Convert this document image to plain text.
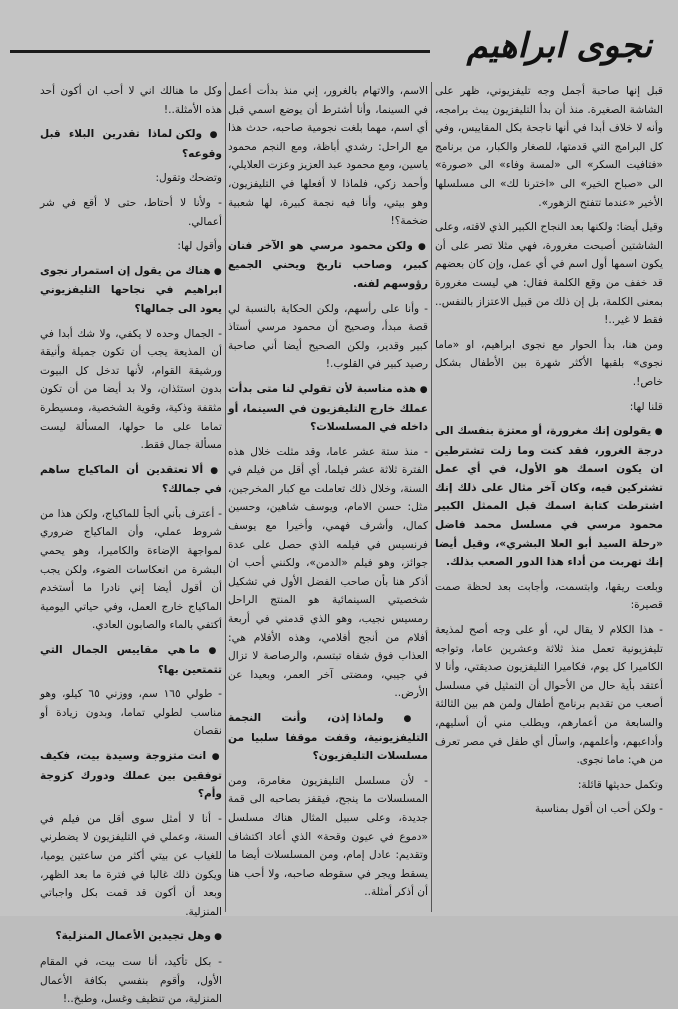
نجوى ابراهيم

قبل إنها صاحبة أجمل وجه تليفزيوني، ظهر على الشاشة الصغيرة. منذ أن بدأ التليفزيون يبث برامجه، وأنه لا خلاف أبدا في أنها ناجحة بكل المقاييس، وفي كل البرامج التي قدمتها، للصغار والكبار، من برنامج «فتافيت السكر» الى «لمسة وفاء» الى «صورة» الى «صباح الخير» الى «اخترنا لك» الى مسلسلها الأخير «عندما تتفتح الزهور».

وقيل أيضا: ولكنها بعد النجاح الكبير الذي لاقته، وعلى الشاشتين أصبحت مغرورة، فهي مثلا تصر على أن يكون اسمها أول اسم في أي عمل، وإن كان بعضهم قد خفف من وقع الكلمة فقال: هي ليست مغرورة بمعنى الكلمة، بل إن ذلك من قبيل الاعتزاز بالنفس.. فقط لا غير..!

ومن هنا، بدأ الحوار مع نجوى ابراهيم، او «ماما نجوى» بلقبها الأكثر شهرة بين الأطفال بشكل خاص!.

قلنا لها:

● يقولون إنك مغرورة، أو معتزة بنفسك الى درجة الغرور، فقد كنت وما زلت تشترطين ان يكون اسمك هو الأول، في أي عمل تشتركين فيه، وكان آخر مثال على ذلك إنك اشترطت كتابة اسمك قبل الممثل الكبير محمود مرسي في مسلسل محمد فاضل «رحلة السيد أبو العلا البشري»، وقيل أيضا إنك تهربت من أداء هذا الدور الصعب بذلك.

وبلعت ريقها، وابتسمت، وأجابت بعد لحظة صمت قصيرة:

- هذا الكلام لا يقال لي، أو على وجه أصح لمذيعة تليفزيونية تعمل منذ ثلاثة وعشرين عاما، وتواجه الكاميرا كل يوم، فكاميرا التليفزيون صديقتي، وأنا لا أعتقد بأية حال من الأحوال أن التمثيل في مسلسل أصعب من تقديم برنامج أطفال ولمن هم بين الثالثة والسابعة من أعمارهم، ويطلب مني أن أسليهم، وأداعبهم، وأعلمهم، واسأل أي طفل في مصر تعرف من هي: ماما نجوى.

وتكمل حديثها قائلة:

- ولكن أحب ان أقول بمناسبة

الاسم، والاتهام بالغرور، إني منذ بدأت أعمل في السينما، وأنا أشترط أن يوضع اسمي قبل أي اسم، مهما بلغت نجومية صاحبه، حدث هذا مع الراحل: رشدي أباظة، ومع النجم محمود ياسين، ومع محمود عبد العزيز وعزت العلايلي، وأحمد زكي، فلماذا لا أفعلها في التليفزيون، وهو بيتي، وأنا فيه نجمة كبيرة، لها شعبية ضخمة؟!

● ولكن محمود مرسي هو الآخر فنان كبير، وصاحب تاريخ ويحني الجميع رؤوسهم لفنه.

- وأنا على رأسهم، ولكن الحكاية بالنسبة لي قصة مبدأ، وصحيح أن محمود مرسي أستاذ كبير وقدير، ولكن الصحيح أيضا أني صاحبة رصيد كبير في القلوب.!

● هذه مناسبة لأن تقولي لنا متى بدأت عملك خارج التليفزيون في السينما، أو داخله في المسلسلات؟

- منذ ستة عشر عاما، وقد مثلت خلال هذه الفترة ثلاثة عشر فيلما، أي أقل من فيلم في السنة، وخلال ذلك تعاملت مع كبار المخرجين، مثل: حسن الامام، ويوسف شاهين، وحسين كمال، وأشرف فهمي، وأخيرا مع يوسف فرنسيس في فيلمه الذي حصل على عدة جوائز، وهو فيلم «الدمن»، ولكنني أحب ان أذكر هنا بأن صاحب الفضل الأول في تشكيل شخصيتي السينمائية هو المنتج الراحل رمسيس نجيب، وهو الذي قدمني في أربعة أفلام من أنجح أفلامي، وهذه الأفلام هي: العذاب فوق شفاه تبتسم، والرصاصة لا تزال في جيبي، ومضتى آخر العمر، وبعيدا عن الأرض..

● ولماذا إذن، وأنت النجمة التليفزيونية، وقفت موقفا سلبيا من مسلسلات التليفزيون؟

- لأن مسلسل التليفزيون مغامرة، ومن المسلسلات ما ينجح، فيقفز بصاحبه الى قمة جديدة، وعلى سبيل المثال هناك مسلسل «دموع في عيون وقحة» الذي أعاد اكتشاف وتقديم: عادل إمام، ومن المسلسلات أيضا ما يسقط ويجر في سقوطه صاحبه، ولا أحب هنا أن أذكر أمثلة..

وكل ما هنالك اني لا أحب ان أكون أحد هذه الأمثلة..!

● ولكن لماذا تقدرين البلاء قبل وقوعه؟

وتضحك وتقول:

- ولأنا لا أحتاط، حتى لا أقع في شر أعمالي.

وأقول لها:

● هناك من يقول إن استمرار نجوى ابراهيم في نجاحها التليفزيوني يعود الى جمالها؟

- الجمال وحده لا يكفي، ولا شك أبدا في أن المذيعة يجب أن تكون جميلة وأنيقة ورشيقة القوام، لأنها تدخل كل البيوت بدون استئذان، ولا بد أيضا من أن تكون مثقفة وذكية، وقوية الشخصية، ومسيطرة تماما على ما حولها، المسألة ليست مسألة جمال فقط.

● ألا تعتقدين أن الماكياج ساهم في جمالك؟

- أعترف بأني ألجأ للماكياج، ولكن هذا من شروط عملي، وأن الماكياج ضروري لمواجهة الإضاءة والكاميرا، وهو يحمي البشرة من انعكاسات الضوء، ولكن يجب أن أقول أيضا إني نادرا ما أستخدم الماكياج خارج العمل، وفي حياتي اليومية أكتفي بالماء والصابون العادي.

● ما هي مقاييس الجمال التي تتمتعين بها؟

- طولي ١٦٥ سم، ووزني ٦٥ كيلو، وهو مناسب لطولي تماما، وبدون زيادة أو نقصان

● انت متزوجة وسيدة بيت، فكيف توفقين بين عملك ودورك كزوجة وأم؟

- أنا لا أمثل سوى أقل من فيلم في السنة، وعملي في التليفزيون لا يضطرني للغياب عن بيتي أكثر من ساعتين يوميا، ويكون ذلك غالبا في فترة ما بعد الظهر، وبعد أن أكون قد قمت بكل واجباتي المنزلية.

● وهل تجيدين الأعمال المنزلية؟

- بكل تأكيد، أنا ست بيت، في المقام الأول، وأقوم بنفسي بكافة الأعمال المنزلية، من تنظيف وغسل، وطبخ..!
